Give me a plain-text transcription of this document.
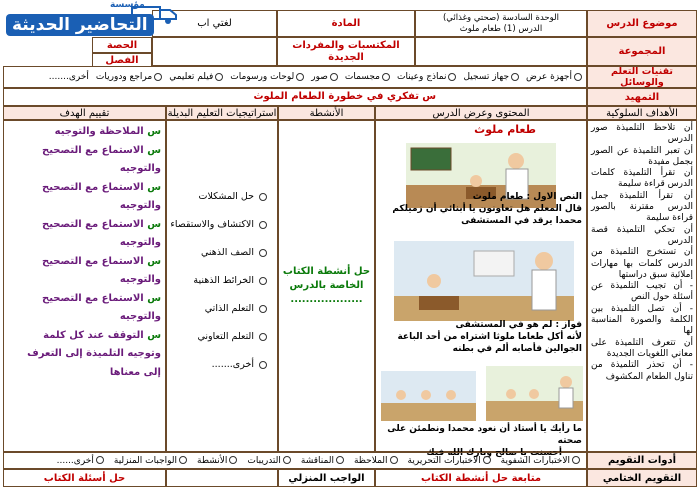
موضوع الدرس
الوحدة السادسة (صحتي وغذائي)
الدرس (1) طعام ملوث
المادة
لغتي اب
المجموعة
المكتسبات والمفردات الجديدة
الحصة
الفصل
مؤسسة
التحاضير الحديثة
تقنيات التعلم والوسائل
أجهزة عرض
جهاز تسجيل
نماذج وعينات
مجسمات
صور
لوحات ورسومات
فيلم تعليمي
مراجع ودوريات
أخرى.......
التمهيد
س تفكري في خطورة الطعام الملوث
الأهداف السلوكية
المحتوى وعرض الدرس
الأنشطة
استراتيجيات التعليم البديلة
تقييم الهدف
أن تلاحظ التلميذة صور الدرس
أن تعبر التلميذة عن الصور بجمل مفيدة
أن تقرأ التلميذة كلمات الدرس قراءة سليمة
أن تقرأ التلميذة جمل الدرس مقترنة بالصور قراءة سليمة
أن تحكي التلميذة قصة الدرس
أن تستخرج التلميذة من الدرس كلمات بها مهارات إملائية سبق دراستها
- أن تجيب التلميذة عن أسئلة حول النص
- أن تصل التلميذة بين الكلمة والصورة المناسبة لها
أن تتعرف التلميذة على معاني اللغويات الجديدة
- أن تحذر التلميذة من تناول الطعام المكشوف
طعام ملوث
النص الاول : طعام ملوث
قال المعلم هل تعاونون يا أبنائي أن زميلكم محمدا يرقد في المستشفى
فواز : لم هو في المستشفى
لأنه أكل طعاما ملوثا اشتراه من أحد الباعة الجوالين فأصابه ألم في بطنه
ما رأيك يا أستاذ أن نعود محمدا ونطمئن على صحته
أحسنت يا صالح وبارك الله فيك
حل أنشطة الكتاب
الخاصة بالدرس
...................
حل المشكلات
الاكتشاف والاستقصاء
الصف الذهني
الخرائط الذهنية
التعلم الذاتي
التعلم التعاوني
أخرى.......
س الملاحظة والتوجيه
س الاستماع مع التصحيح والتوجيه
س الاستماع مع التصحيح والتوجيه
س الاستماع مع التصحيح والتوجيه
س الاستماع مع التصحيح والتوجيه
س الاستماع مع التصحيح والتوجيه
س التوقف عند كل كلمة وتوجيه التلميذة إلى التعرف إلى معناها
أدوات التقويم
الاختبارات الشفوية
الاختبارات التحريرية
الملاحظة
المناقشة
التدريبات
الأنشطة
الواجبات المنزلية
أخرى......
التقويم الختامي
متابعة حل أنشطة الكتاب
الواجب المنزلي
حل أسئلة الكتاب
